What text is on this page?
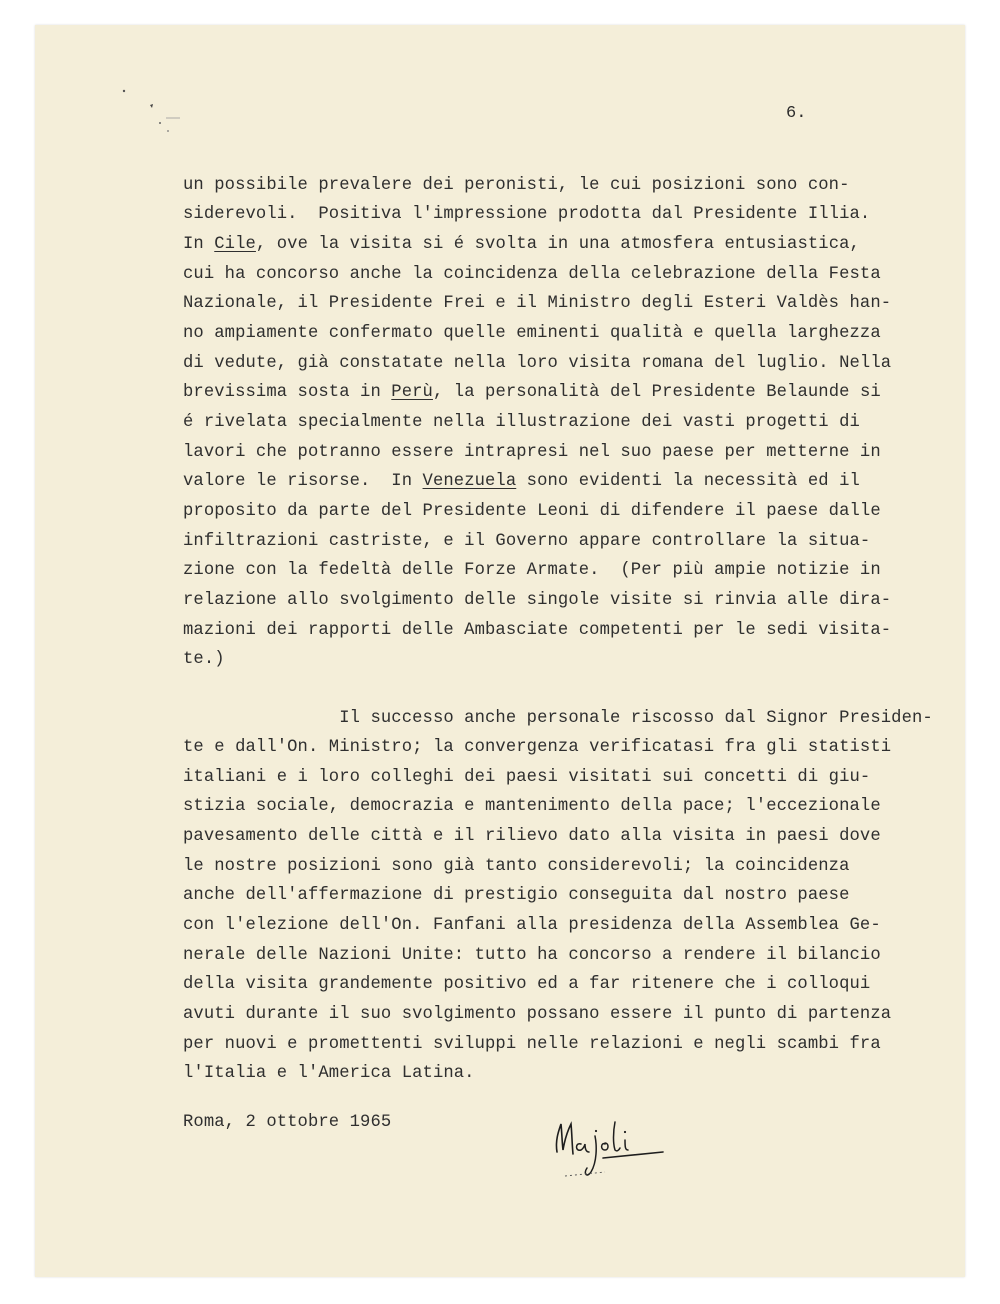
6.
un possibile prevalere dei peronisti, le cui posizioni sono con-
siderevoli.  Positiva l'impressione prodotta dal Presidente Illia.
In Cile, ove la visita si é svolta in una atmosfera entusiastica,
cui ha concorso anche la coincidenza della celebrazione della Festa
Nazionale, il Presidente Frei e il Ministro degli Esteri Valdès han-
no ampiamente confermato quelle eminenti qualità e quella larghezza
di vedute, già constatate nella loro visita romana del luglio. Nella
brevissima sosta in Perù, la personalità del Presidente Belaunde si
é rivelata specialmente nella illustrazione dei vasti progetti di
lavori che potranno essere intrapresi nel suo paese per metterne in
valore le risorse.  In Venezuela sono evidenti la necessità ed il
proposito da parte del Presidente Leoni di difendere il paese dalle
infiltrazioni castriste, e il Governo appare controllare la situa-
zione con la fedeltà delle Forze Armate.  (Per più ampie notizie in
relazione allo svolgimento delle singole visite si rinvia alle dira-
mazioni dei rapporti delle Ambasciate competenti per le sedi visita-
te.)
Il successo anche personale riscosso dal Signor Presiden-
te e dall'On. Ministro; la convergenza verificatasi fra gli statisti
italiani e i loro colleghi dei paesi visitati sui concetti di giu-
stizia sociale, democrazia e mantenimento della pace; l'eccezionale
pavesamento delle città e il rilievo dato alla visita in paesi dove
le nostre posizioni sono già tanto considerevoli; la coincidenza
anche dell'affermazione di prestigio conseguita dal nostro paese
con l'elezione dell'On. Fanfani alla presidenza della Assemblea Ge-
nerale delle Nazioni Unite: tutto ha concorso a rendere il bilancio
della visita grandemente positivo ed a far ritenere che i colloqui
avuti durante il suo svolgimento possano essere il punto di partenza
per nuovi e promettenti sviluppi nelle relazioni e negli scambi fra
l'Italia e l'America Latina.
Roma, 2 ottobre 1965
